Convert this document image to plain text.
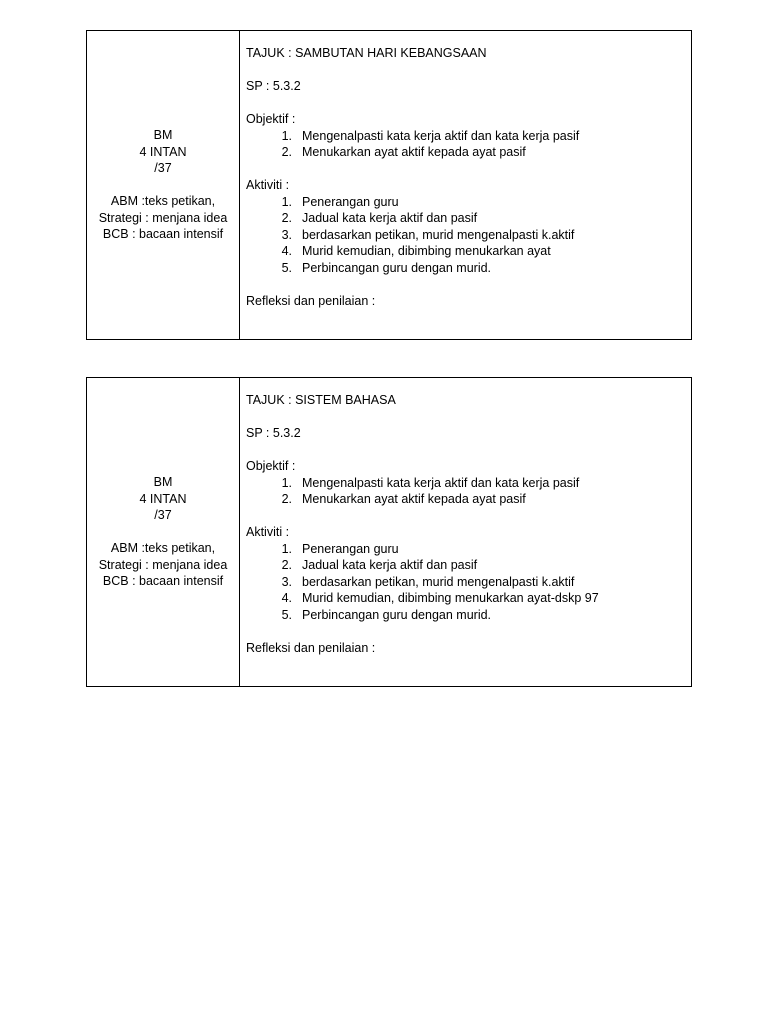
BM
4 INTAN
/37
ABM :teks petikan,
Strategi : menjana idea
BCB : bacaan intensif
TAJUK : SAMBUTAN HARI KEBANGSAAN
SP : 5.3.2
Objektif :
1. Mengenalpasti kata kerja aktif dan kata kerja pasif
2. Menukarkan ayat aktif kepada ayat pasif
Aktiviti :
1. Penerangan guru
2. Jadual kata kerja aktif dan pasif
3. berdasarkan petikan, murid mengenalpasti k.aktif
4. Murid kemudian, dibimbing menukarkan ayat
5. Perbincangan guru dengan murid.
Refleksi dan penilaian :
BM
4 INTAN
/37
ABM :teks petikan,
Strategi : menjana idea
BCB : bacaan intensif
TAJUK : SISTEM BAHASA
SP : 5.3.2
Objektif :
1. Mengenalpasti kata kerja aktif dan kata kerja pasif
2. Menukarkan ayat aktif kepada ayat pasif
Aktiviti :
1. Penerangan guru
2. Jadual kata kerja aktif dan pasif
3. berdasarkan petikan, murid mengenalpasti k.aktif
4. Murid kemudian, dibimbing menukarkan ayat-dskp 97
5. Perbincangan guru dengan murid.
Refleksi dan penilaian :
